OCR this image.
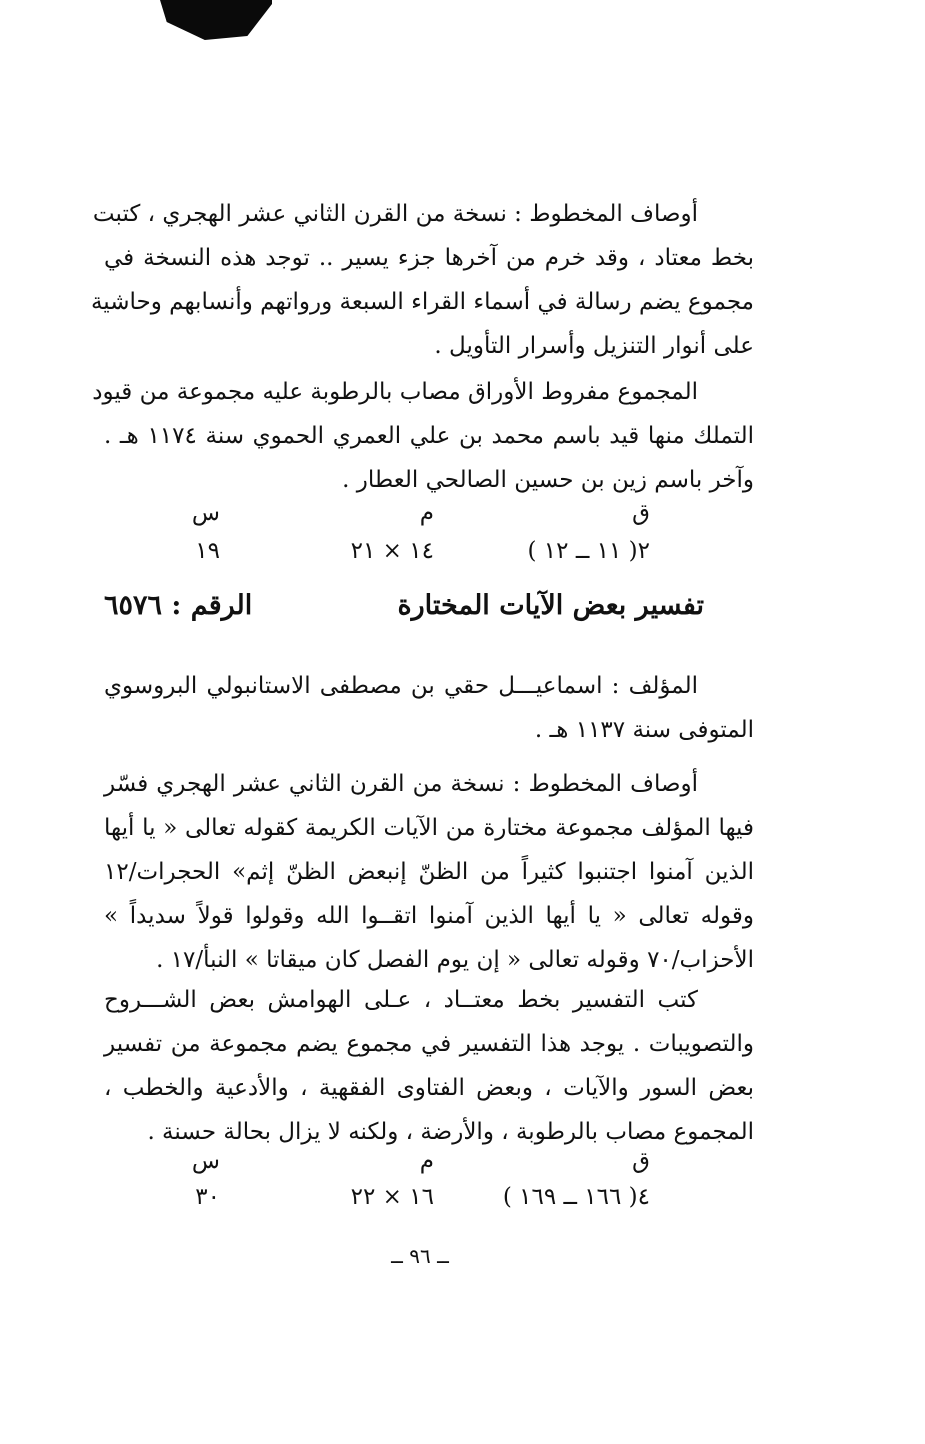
أوصاف المخطوط : نسخة من القرن الثاني عشر الهجري ، كتبت
بخط معتاد ، وقد خرم من آخرها جزء يسير .. توجد هذه النسخة في
مجموع يضم رسالة في أسماء القراء السبعة ورواتهم وأنسابهم وحاشية
على أنوار التنزيل وأسرار التأويل .
المجموع مفروط الأوراق مصاب بالرطوبة عليه مجموعة من قيود
التملك منها قيد باسم محمد بن علي العمري الحموي سنة ١١٧٤ هـ .
وآخر باسم زين بن حسين الصالحي العطار .
ق
م
س
٢( ١١ ــ ١٢ )
١٤ × ٢١
١٩
تفسير بعض الآيات المختارة
الرقم : ٦٥٧٦
المؤلف : اسماعيـــل حقي بن مصطفى الاستانبولي البروسوي
المتوفى سنة ١١٣٧ هـ .
أوصاف المخطوط : نسخة من القرن الثاني عشر الهجري فسّر
فيها المؤلف مجموعة مختارة من الآيات الكريمة كقوله تعالى « يا أيها
الذين آمنوا اجتنبوا كثيراً من الظنّ إنبعض الظنّ إثم» الحجرات/١٢
وقوله تعالى « يا أيها الذين آمنوا اتقــوا الله وقولوا قولاً سديداً »
الأحزاب/٧٠ وقوله تعالى « إن يوم الفصل كان ميقاتا » النبأ/١٧ .
كتب التفسير بخط معتــاد ، عـلى الهوامش بعض الشـــروح
والتصويبات . يوجد هذا التفسير في مجموع يضم مجموعة من تفسير
بعض السور والآيات ، وبعض الفتاوى الفقهية ، والأدعية والخطب ،
المجموع مصاب بالرطوبة ، والأرضة ، ولكنه لا يزال بحالة حسنة .
ق
م
س
٤( ١٦٦ ــ ١٦٩ )
١٦ × ٢٢
٣٠
ــ ٩٦ ــ
